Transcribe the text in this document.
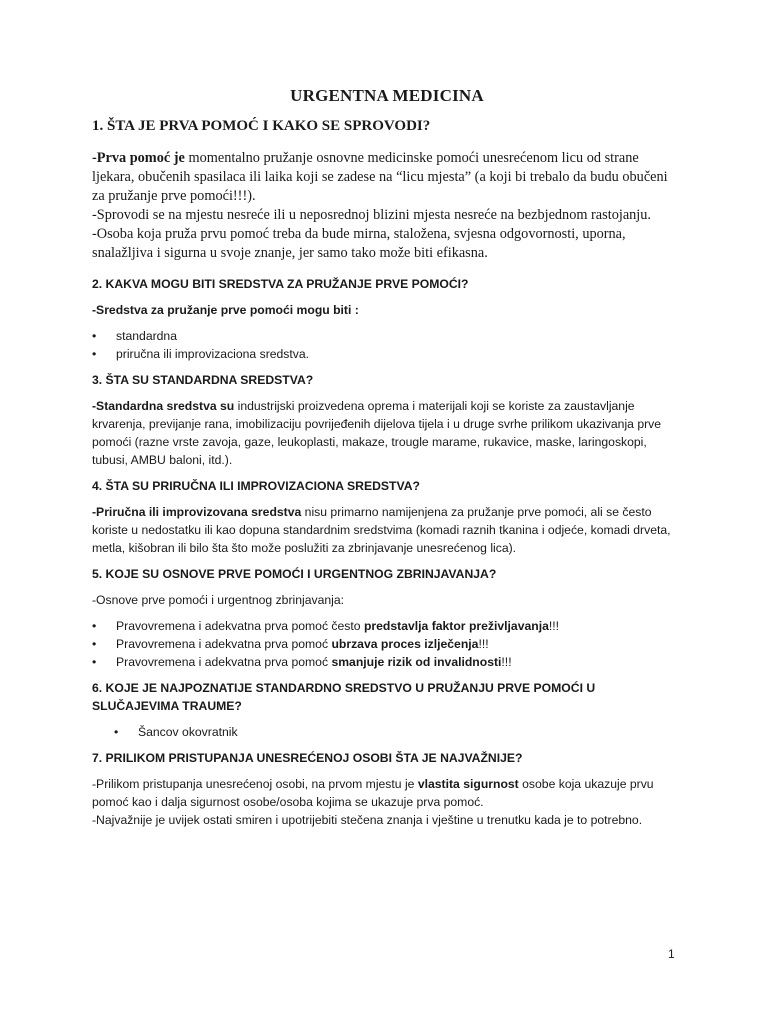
URGENTNA MEDICINA

1. ŠTA JE PRVA POMOĆ I KAKO SE SPROVODI?

-Prva pomoć je momentalno pružanje osnovne medicinske pomoći unesrećenom licu od strane ljekara, obučenih spasilaca ili laika koji se zadese na “licu mjesta” (a koji bi trebalo da budu obučeni za pružanje prve pomoći!!!).

-Sprovodi se na mjestu nesreće ili u neposrednoj blizini mjesta nesreće na bezbjednom rastojanju.

-Osoba koja pruža prvu pomoć treba da bude mirna, staložena, svjesna odgovornosti, uporna, snalažljiva i sigurna u svoje znanje, jer samo tako može biti efikasna.

2. KAKVA MOGU BITI SREDSTVA ZA PRUŽANJE PRVE POMOĆI?

-Sredstva za pružanje prve pomoći mogu biti :

• standardna
• priručna ili improvizaciona sredstva.

3. ŠTA SU STANDARDNA SREDSTVA?

-Standardna sredstva su industrijski proizvedena oprema i materijali koji se koriste za zaustavljanje krvarenja, previjanje rana, imobilizaciju povrijeđenih dijelova tijela i u druge svrhe prilikom ukazivanja prve pomoći (razne vrste zavoja, gaze, leukoplasti, makaze, trougle marame, rukavice, maske, laringoskopi, tubusi, AMBU baloni, itd.).

4. ŠTA SU PRIRUČNA ILI IMPROVIZACIONA SREDSTVA?

-Priručna ili improvizovana sredstva nisu primarno namijenjena za pružanje prve pomoći, ali se često koriste u nedostatku ili kao dopuna standardnim sredstvima (komadi raznih tkanina i odjeće, komadi drveta, metla, kišobran ili bilo šta što može poslužiti za zbrinjavanje unesrećenog lica).

5. KOJE SU OSNOVE PRVE POMOĆI I URGENTNOG ZBRINJAVANJA?

-Osnove prve pomoći i urgentnog zbrinjavanja:

• Pravovremena i adekvatna prva pomoć često predstavlja faktor preživljavanja!!!
• Pravovremena i adekvatna prva pomoć ubrzava proces izlječenja!!!
• Pravovremena i adekvatna prva pomoć smanjuje rizik od invalidnosti!!!

6. KOJE JE NAJPOZNATIJE STANDARDNO SREDSTVO U PRUŽANJU PRVE POMOĆI U SLUČAJEVIMA TRAUME?

• Šancov okovratnik

7. PRILIKOM PRISTUPANJA UNESREĆENOJ OSOBI ŠTA JE NAJVAŽNIJE?

-Prilikom pristupanja unesrećenoj osobi, na prvom mjestu je vlastita sigurnost osobe koja ukazuje prvu pomoć kao i dalja sigurnost osobe/osoba kojima se ukazuje prva pomoć.

-Najvažnije je uvijek ostati smiren i upotrijebiti stečena znanja i vještine u trenutku kada je to potrebno.

1
